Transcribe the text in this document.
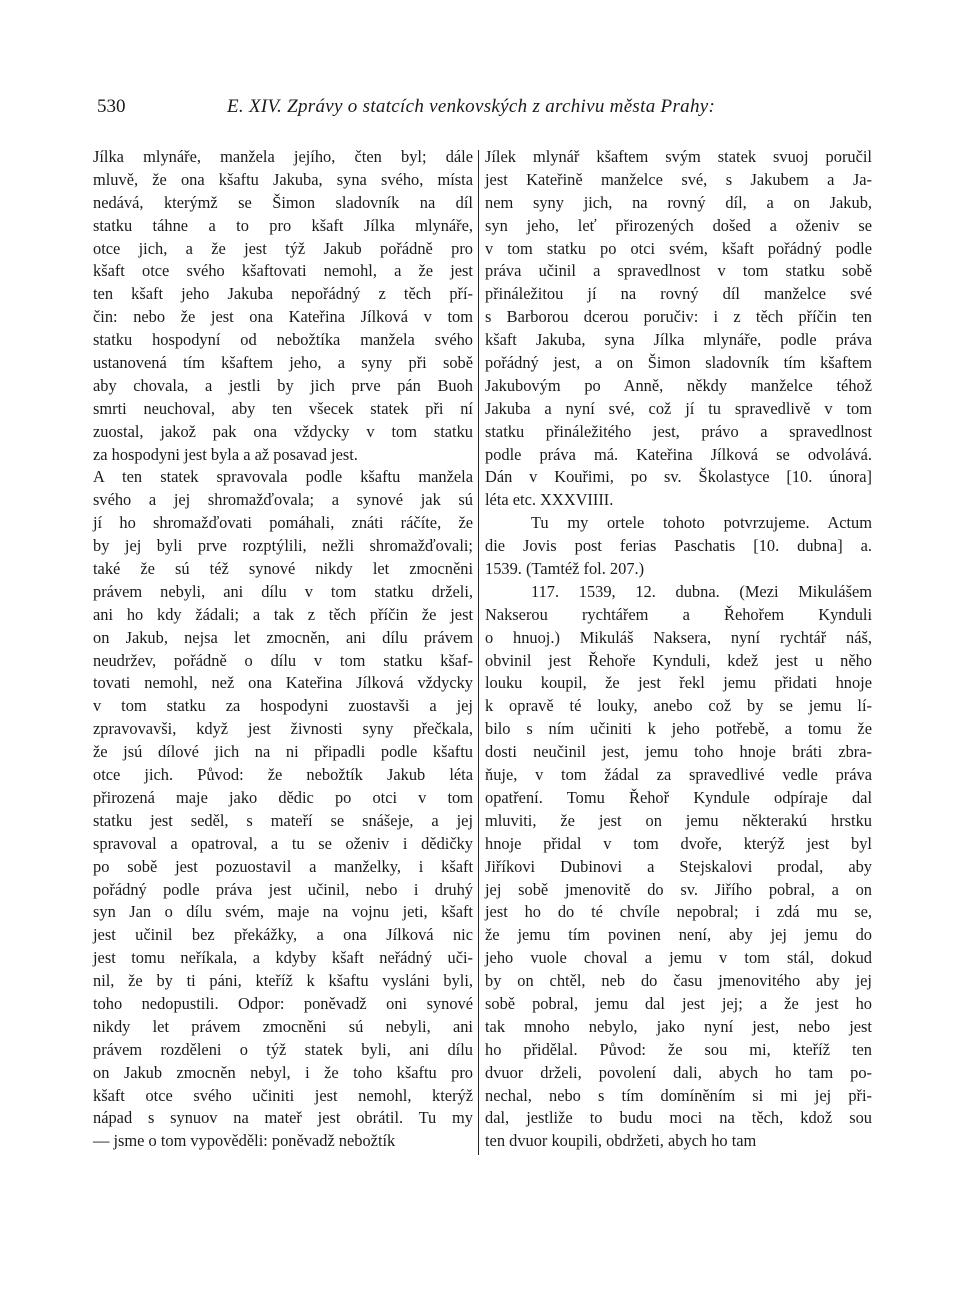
530	E. XIV. Zprávy o statcích venkovských z archivu města Prahy:
Jílka mlynáře, manžela jejího, čten byl; dále
mluvě, že ona kšaftu Jakuba, syna svého, místa
nedává, kterýmž se Šimon sladovník na díl
statku táhne a to pro kšaft Jílka mlynáře,
otce jich, a že jest týž Jakub pořádně pro
kšaft otce svého kšaftovati nemohl, a že jest
ten kšaft jeho Jakuba nepořádný z těch pří-
čin: nebo že jest ona Kateřina Jílková v tom
statku hospodyní od nebožtíka manžela svého
ustanovená tím kšaftem jeho, a syny při sobě
aby chovala, a jestli by jich prve pán Buoh
smrti neuchoval, aby ten všecek statek při ní
zuostal, jakož pak ona vždycky v tom statku
za hospodyni jest byla a až posavad jest.
A ten statek spravovala podle kšaftu manžela
svého a jej shromažďovala; a synové jak sú
jí ho shromažďovati pomáhali, znáti ráčíte, že
by jej byli prve rozptýlili, nežli shromažďovali;
také že sú též synové nikdy let zmocněni
právem nebyli, ani dílu v tom statku drželi,
ani ho kdy žádali; a tak z těch příčin že jest
on Jakub, nejsa let zmocněn, ani dílu právem
neudržev, pořádně o dílu v tom statku kšaf-
tovati nemohl, než ona Kateřina Jílková vždycky
v tom statku za hospodyni zuostavši a jej
zpravovavši, když jest živnosti syny přečkala,
že jsú dílové jich na ni připadli podle kšaftu
otce jich. Původ: že nebožtík Jakub léta
přirozená maje jako dědic po otci v tom
statku jest seděl, s mateří se snášeje, a jej
spravoval a opatroval, a tu se oženiv i dědičky
po sobě jest pozuostavil a manželky, i kšaft
pořádný podle práva jest učinil, nebo i druhý
syn Jan o dílu svém, maje na vojnu jeti, kšaft
jest učinil bez překážky, a ona Jílková nic
jest tomu neříkala, a kdyby kšaft neřádný uči-
nil, že by ti páni, kteříž k kšaftu vysláni byli,
toho nedopustili. Odpor: poněvadž oni synové
nikdy let právem zmocněni sú nebyli, ani
právem rozděleni o týž statek byli, ani dílu
on Jakub zmocněn nebyl, i že toho kšaftu pro
kšaft otce svého učiniti jest nemohl, kterýž
nápad s synuov na mateř jest obrátil. Tu my
— jsme o tom vypověděli: poněvadž nebožtík
Jílek mlynář kšaftem svým statek svuoj poručil
jest Kateřině manželce své, s Jakubem a Ja-
nem syny jich, na rovný díl, a on Jakub,
syn jeho, leť přirozených došed a oženiv se
v tom statku po otci svém, kšaft pořádný podle
práva učinil a spravedlnost v tom statku sobě
přináležitou jí na rovný díl manželce své
s Barborou dcerou poručiv: i z těch příčin ten
kšaft Jakuba, syna Jílka mlynáře, podle práva
pořádný jest, a on Šimon sladovník tím kšaftem
Jakubovým po Anně, někdy manželce téhož
Jakuba a nyní své, což jí tu spravedlivě v tom
statku přináležitého jest, právo a spravedlnost
podle práva má. Kateřina Jílková se odvolává.
Dán v Kouřimi, po sv. Školastyce [10. února]
léta etc. XXXVIIII.
Tu my ortele tohoto potvrzujeme. Actum
die Jovis post ferias Paschatis [10. dubna] a.
1539. (Tamtéž fol. 207.)
117. 1539, 12. dubna. (Mezi Mikulášem
Nakserou rychtářem a Řehořem Kynduli
o hnuoj.) Mikuláš Naksera, nyní rychtář náš,
obvinil jest Řehoře Kynduli, kdež jest u něho
louku koupil, že jest řekl jemu přidati hnoje
k opravě té louky, anebo což by se jemu lí-
bilo s ním učiniti k jeho potřebě, a tomu že
dosti neučinil jest, jemu toho hnoje bráti zbra-
ňuje, v tom žádal za spravedlivé vedle práva
opatření. Tomu Řehoř Kyndule odpíraje dal
mluviti, že jest on jemu některakú hrstku
hnoje přidal v tom dvoře, kterýž jest byl
Jiříkovi Dubinovi a Stejskalovi prodal, aby
jej sobě jmenovitě do sv. Jiřího pobral, a on
jest ho do té chvíle nepobral; i zdá mu se,
že jemu tím povinen není, aby jej jemu do
jeho vuole choval a jemu v tom stál, dokud
by on chtěl, neb do času jmenovitého aby jej
sobě pobral, jemu dal jest jej; a že jest ho
tak mnoho nebylo, jako nyní jest, nebo jest
ho přidělal. Původ: že sou mi, kteříž ten
dvuor drželi, povolení dali, abych ho tam po-
nechal, nebo s tím domíněním si mi jej při-
dal, jestliže to budu moci na těch, kdož sou
ten dvuor koupili, obdržeti, abych ho tam
